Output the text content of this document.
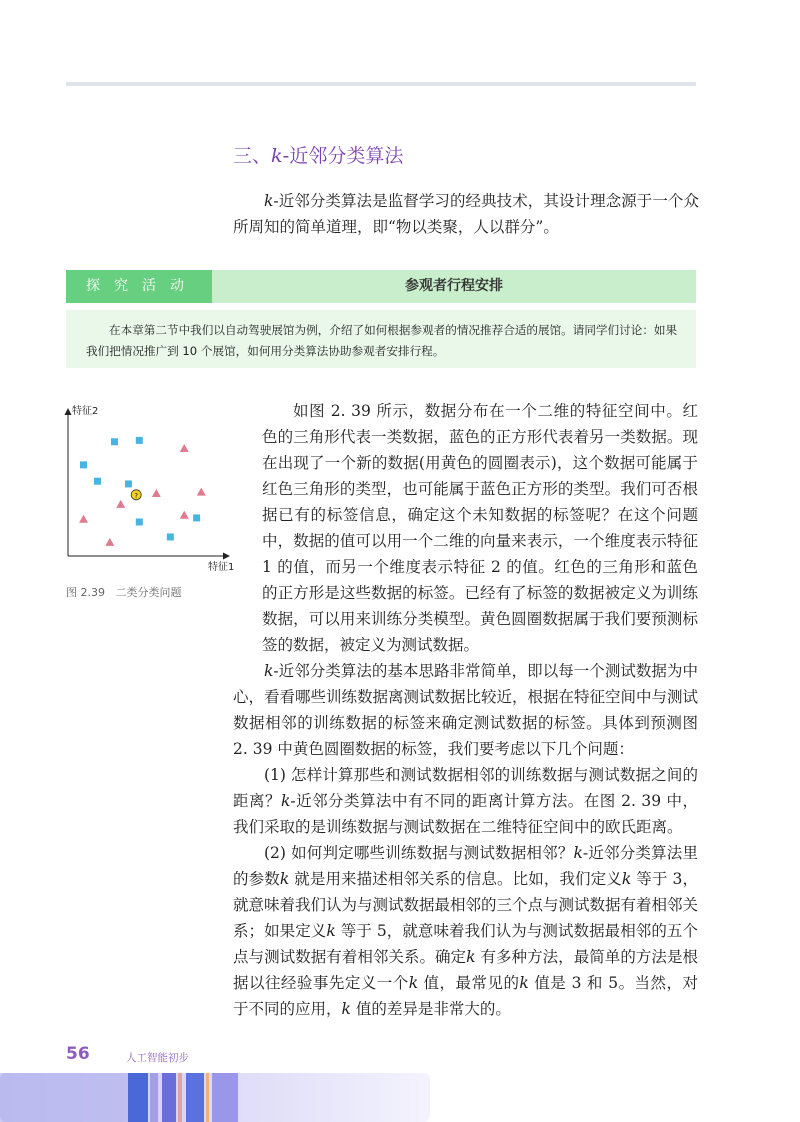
三、k-近邻分类算法

k-近邻分类算法是监督学习的经典技术，其设计理念源于一个众所周知的简单道理，即“物以类聚，人以群分”。

探究活动	参观者行程安排

在本章第二节中我们以自动驾驶展馆为例，介绍了如何根据参观者的情况推荐合适的展馆。请同学们讨论：如果我们把情况推广到 10 个展馆，如何用分类算法协助参观者安排行程。

特征2
特征1
?
图 2.39 二类分类问题

如图 2. 39 所示，数据分布在一个二维的特征空间中。红色的三角形代表一类数据，蓝色的正方形代表着另一类数据。现在出现了一个新的数据(用黄色的圆圈表示)，这个数据可能属于红色三角形的类型，也可能属于蓝色正方形的类型。我们可否根据已有的标签信息，确定这个未知数据的标签呢？在这个问题中，数据的值可以用一个二维的向量来表示，一个维度表示特征 1 的值，而另一个维度表示特征 2 的值。红色的三角形和蓝色的正方形是这些数据的标签。已经有了标签的数据被定义为训练数据，可以用来训练分类模型。黄色圆圈数据属于我们要预测标签的数据，被定义为测试数据。

k-近邻分类算法的基本思路非常简单，即以每一个测试数据为中心，看看哪些训练数据离测试数据比较近，根据在特征空间中与测试数据相邻的训练数据的标签来确定测试数据的标签。具体到预测图 2. 39 中黄色圆圈数据的标签，我们要考虑以下几个问题：

(1) 怎样计算那些和测试数据相邻的训练数据与测试数据之间的距离？k-近邻分类算法中有不同的距离计算方法。在图 2. 39 中，我们采取的是训练数据与测试数据在二维特征空间中的欧氏距离。

(2) 如何判定哪些训练数据与测试数据相邻？k-近邻分类算法里的参数k 就是用来描述相邻关系的信息。比如，我们定义k 等于 3，就意味着我们认为与测试数据最相邻的三个点与测试数据有着相邻关系；如果定义k 等于 5，就意味着我们认为与测试数据最相邻的五个点与测试数据有着相邻关系。确定k 有多种方法，最简单的方法是根据以往经验事先定义一个k 值，最常见的k 值是 3 和 5。当然，对于不同的应用，k 值的差异是非常大的。

56	人工智能初步
